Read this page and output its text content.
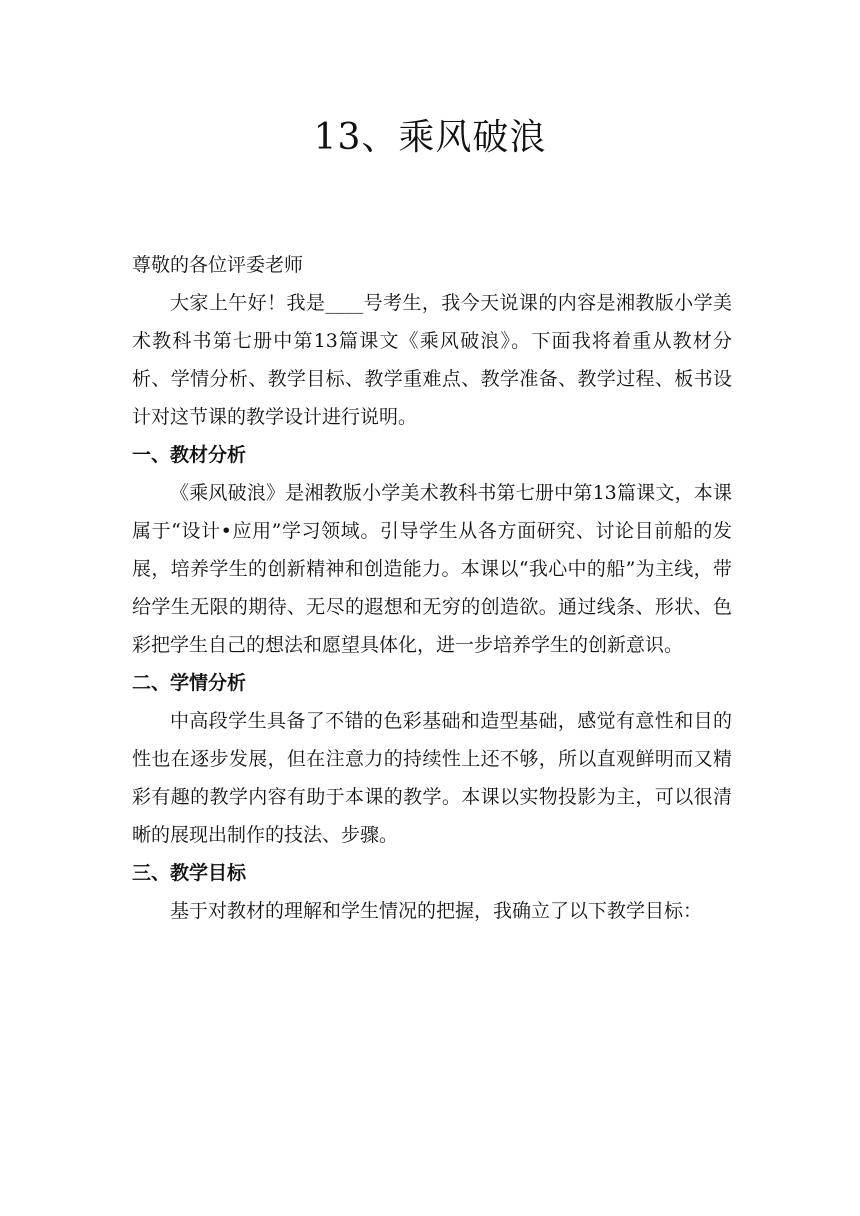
13、乘风破浪

尊敬的各位评委老师

大家上午好！我是____号考生，我今天说课的内容是湘教版小学美术教科书第七册中第13篇课文《乘风破浪》。下面我将着重从教材分析、学情分析、教学目标、教学重难点、教学准备、教学过程、板书设计对这节课的教学设计进行说明。

一、教材分析

《乘风破浪》是湘教版小学美术教科书第七册中第13篇课文，本课属于“设计•应用”学习领域。引导学生从各方面研究、讨论目前船的发展，培养学生的创新精神和创造能力。本课以“我心中的船”为主线，带给学生无限的期待、无尽的遐想和无穷的创造欲。通过线条、形状、色彩把学生自己的想法和愿望具体化，进一步培养学生的创新意识。

二、学情分析

中高段学生具备了不错的色彩基础和造型基础，感觉有意性和目的性也在逐步发展，但在注意力的持续性上还不够，所以直观鲜明而又精彩有趣的教学内容有助于本课的教学。本课以实物投影为主，可以很清晰的展现出制作的技法、步骤。

三、教学目标

基于对教材的理解和学生情况的把握，我确立了以下教学目标：
